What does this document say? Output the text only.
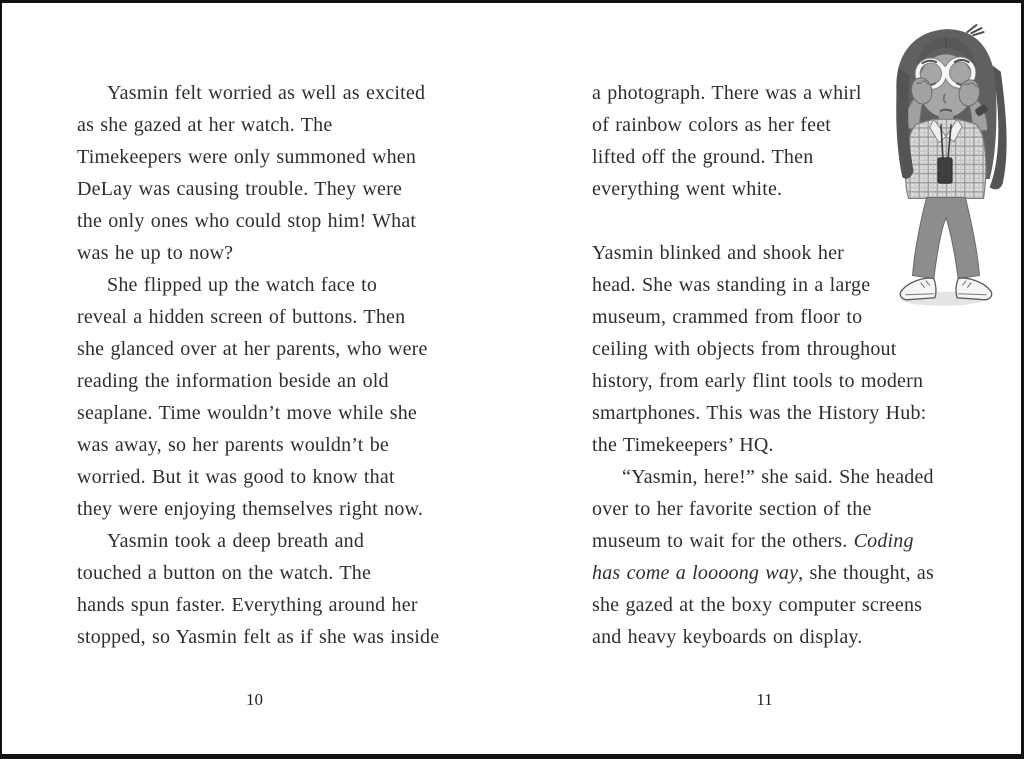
Yasmin felt worried as well as excited
as she gazed at her watch. The
Timekeepers were only summoned when
DeLay was causing trouble. They were
the only ones who could stop him! What
was he up to now?
She flipped up the watch face to
reveal a hidden screen of buttons. Then
she glanced over at her parents, who were
reading the information beside an old
seaplane. Time wouldn’t move while she
was away, so her parents wouldn’t be
worried. But it was good to know that
they were enjoying themselves right now.
Yasmin took a deep breath and
touched a button on the watch. The
hands spun faster. Everything around her
stopped, so Yasmin felt as if she was inside
a photograph. There was a whirl
of rainbow colors as her feet
lifted off the ground. Then
everything went white.
Yasmin blinked and shook her
head. She was standing in a large
museum, crammed from floor to
ceiling with objects from throughout
history, from early flint tools to modern
smartphones. This was the History Hub:
the Timekeepers’ HQ.
“Yasmin, here!” she said. She headed
over to her favorite section of the
museum to wait for the others. Coding
has come a loooong way, she thought, as
she gazed at the boxy computer screens
and heavy keyboards on display.
10	11
